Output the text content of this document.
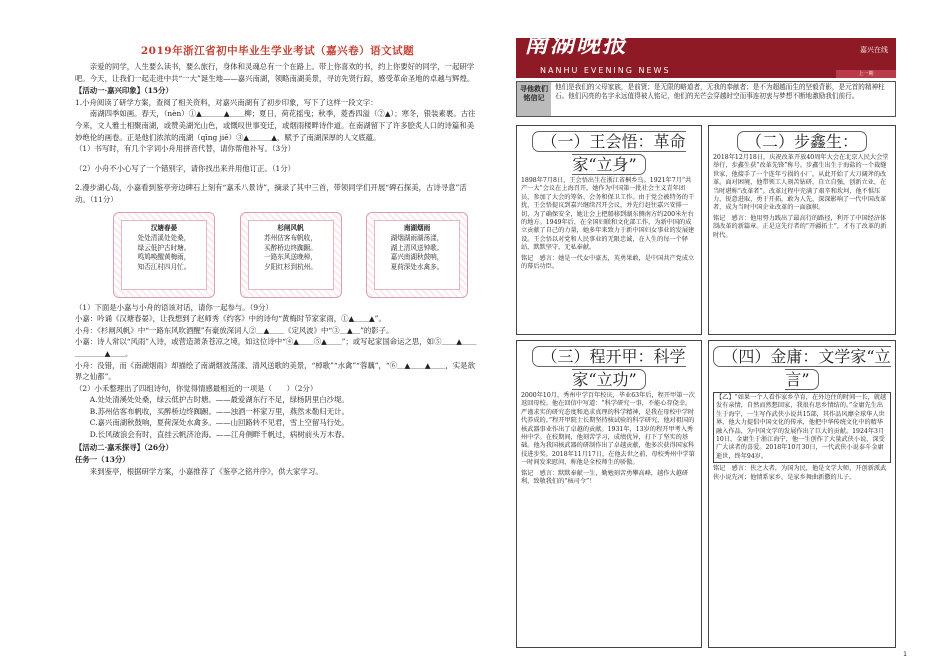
2019年浙江省初中毕业生学业考试（嘉兴卷）语文试题

亲爱的同学，人生要么读书，要么旅行，身体和灵魂总有一个在路上。带上你喜欢的书，约上你要好的同学，一起研学吧。今天，让我们一起走进中共“一大”诞生地——嘉兴南湖，领略南湖美景，寻访先贤行踪，感受革命圣地的卓越与辉煌。

【活动一·嘉兴印象】（15分）

1.小舟阅读了研学方案，查阅了相关资料，对嘉兴南湖有了初步印象，写下了这样一段文字：

南湖四季如画。春天，（nèn）①▲＿＿＿▲＿＿柳；夏日，荷花摇曳；秋季，菱香四溢（②▲）；寒冬，银装素裹。古往今来，文人雅士相聚南湖，或赞美湖光山色，或慨叹世事变迁，或烟雨楼畔诗作道。在南湖留下了许多脍炙人口的诗篇和美妙绝伦的画卷。正是他们浓浓的南湖（qīng jiē）③▲＿＿＿▲，赋予了南湖深厚的人文底蕴。

（1）书写时，有几个字词小舟用拼音代替，请你帮他补写。（3分）

（2）小舟不小心写了一个错别字，请你找出来并用他订正。（1分）

2.漫步湖心岛，小嘉看到鉴亭旁边碑石上刻有“嘉禾八景诗”，摘录了其中三首，带领同学们开展“碑石探美，古诗寻意”活动。（11分）

汉塘春晏
处处清溪处处桑，
绿云低护古时塘。
鸣鸠唤醒黄梅雨，
知否江村四月忙。
杉闸风帆
苏州估客布帆收，
买醉桥边终踟蹰。
一路东风送晚棹，
夕阳红杉到杭州。
南湖烟雨
湖烟湖雨湖荡漾，
湖上清风送钟歌。
嘉兴南湖秋鼓响，
夏荷深处水禽多。

（1）下面是小嘉与小舟的语该对话，请你一起参与。（9分）

小嘉：吟诵《汉塘春晏》，让我想到了赵师秀《约客》中的诗句“黄梅时节家家雨，①▲＿＿▲”。

小舟：《杉闸风帆》中“一路东风吹酒醒”有豪放深词人②＿▲＿＿《定风波》中“③＿▲＿”的影子。

小嘉：诗人常以“风雨”入诗，或营造萧条苍凉之境，如这位诗中“④▲＿＿⑤▲＿＿”；或写起家国命运之思，如⑤＿＿▲＿＿＿＿＿＿▲＿＿。

小舟：没错，而《南湖烟雨》却描绘了南湖烟波荡漾、清风送歌的美景，“棹歌”“水禽”“蓉藕”，“⑥＿▲＿＿▲＿＿，实是欲界之仙都”。

（2）小禾整理出了四组诗句，你觉得情感最相近的一项是（　　）（2分）

A.处处清溪处处桑，绿云低护古时塘。——最爱湖东行不足，绿杨阴里白沙堤。

B.苏州估客布帆收，买醉桥边终踟蹰。——浊酒一杯家万里，燕然未勒归无计。

C.嘉兴南湖秋鼓响，夏荷深处水禽多。——山回路转不见君，雪上空留马行处。

D.长风破浪会有时，直挂云帆济沧海。——江舟侧畔千帆过，病树前头万木春。

【活动二·嘉禾探寻】（26分）

任务一（13分）

来到鉴亭，根据研学方案，小嘉推荐了《鉴亭之铭并序》，供大家学习。

南湖晚报
NANHU EVENING NEWS
嘉兴在线
上一期
寻他救们铭信记
他们是我们的父母家族，是前贤；是无限的略道者，无我的奉献者；是不为超越而生的坚毅背影，是元首的精神柱石。他们闪亮的名字永远值得被人铭记，他们的光芒会穿越时空而事连初衷与梦想不断地激励我们前行。
（一）王会悟：革命家“立身”
1898年7月8日，王会悟出生在浙江省桐乡乌。1921年7月“共产一大”会议在上海召开，她作为中国第一批社会主义青年团员，参加了大会的筹备、会务和保卫工作。由于党会被特务的干扰，王会悟提议到嘉兴继续召开会议，并先行赶往嘉兴安排一切，为了确保安全，她让会上把船移到湖东侧南方约200米左右的地方。1949年后，在全国妇联和文化部工作，为新中国的成立贡献了自己的力量，她多年来致力于新中国妇女事业的发展建设。王会悟以对党和人民事业的无限忠诚，在人生的每一个驿站，默默坚守，无私奉献。
铭记　感言：她是一代女中豪杰，英勇果敢，是中国共产党成立的幕后功臣。
（二）步鑫生：
2018年12月18日，庆祝改革开放40周年大会在北京人民大会堂举行，步鑫生获“改革先锋”称号。步鑫生出生于海盐的一个裁缝世家，他接手了一个连年亏损的小厂，从此开始了大刀阔斧的改革。面对困境，他带领工人刻苦钻研，自立自强，创新立业，在当时堪称“改革者”。改革过程中充满了艰辛和坎坷，他不惧压力，锐意进取，勇于开拓，敢为人先，深深影响了一代中国改革者，成为当时中国企业改革的一面旗帜。
铭记　感言：他用努力践出了最高行的路径，利开了中国经济体制改革的新篇章。正是这先行者的“开疆拓土”，才有了改革的新时代。
（三）程开甲：科学家“立功”
2000年10月，秀州中学百年校庆，毕业63年后，程开甲第一次返回母校。他在回信中写道：“科学研究一事，不能心存侥幸，严谨求实的研究态度和追求真理的科学精神，是我在母校中学时代养成的。”程开甲院士长期坚持核试验的科学研究，他对祖国的核武器事业作出了卓越的贡献。1931年，13岁的程开甲考入秀州中学。在校期间，他刻苦学习，成绩优异，打下了坚实的基础。他为我国核武器的研制作出了卓越贡献，他多次获得国家科技进步奖。2018年11月17日，在他去世之前，母校秀州中学第一时间发来慰问，称他是全校师生的骄傲。
铭记　感言：默默奉献一生，勤勉刻苦勇攀高峰，越作大越研利，致敬我们的“核司令”！
（四）金庸：文学家“立言”
【乙】“如果一个人看作家乡孕育，在外边住的时间一长，就越发有亲情，自然而然想回家，我很有思乡情结的。”金庸先生出生于海宁，一生写作武侠小说共15部，其作品风靡全球华人世界，他大力提倡中国文化的传承，他把中华传统文化中的精华融入作品，为中国文学的发展作出了巨大的贡献。1924年3月10日，金庸生于浙江海宁，他一生创作了大量武侠小说，深受广大读者的喜爱。2018年10月30日，一代武侠小说泰斗金庸逝世，终年94岁。
铭记　感言：侠之大者，为国为民，他是文学大师，开创新派武侠小说先河；他情系家乡，是家乡舞曲新撒的儿子。
1
